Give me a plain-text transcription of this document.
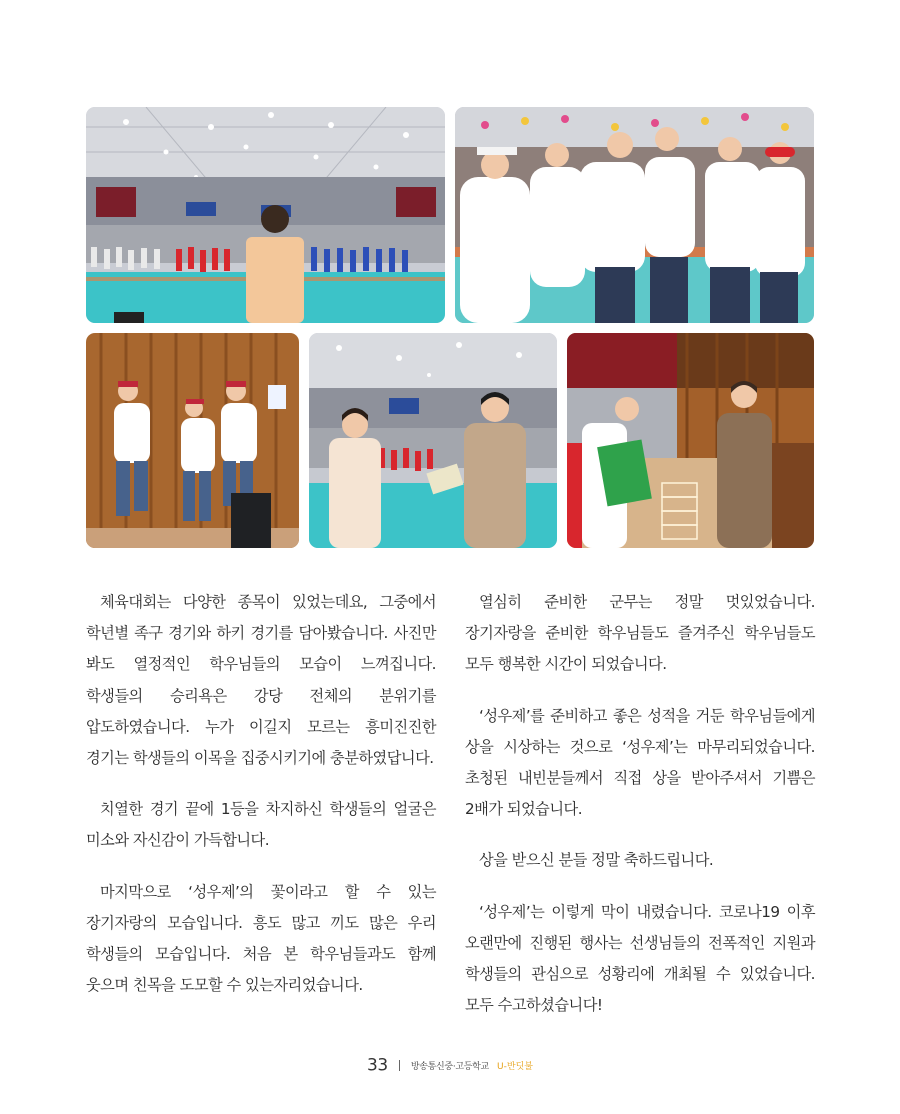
체육대회는 다양한 종목이 있었는데요, 그중에서 학년별 족구 경기와 하키 경기를 담아봤습니다. 사진만 봐도 열정적인 학우님들의 모습이 느껴집니다. 학생들의 승리욕은 강당 전체의 분위기를 압도하였습니다. 누가 이길지 모르는 흥미진진한 경기는 학생들의 이목을 집중시키기에 충분하였답니다.

치열한 경기 끝에 1등을 차지하신 학생들의 얼굴은 미소와 자신감이 가득합니다.

마지막으로 ‘성우제’의 꽃이라고 할 수 있는 장기자랑의 모습입니다. 흥도 많고 끼도 많은 우리 학생들의 모습입니다. 처음 본 학우님들과도 함께 웃으며 친목을 도모할 수 있는자리었습니다.

열심히 준비한 군무는 정말 멋있었습니다. 장기자랑을 준비한 학우님들도 즐겨주신 학우님들도 모두 행복한 시간이 되었습니다.

‘성우제’를 준비하고 좋은 성적을 거둔 학우님들에게 상을 시상하는 것으로 ‘성우제’는 마무리되었습니다. 초청된 내빈분들께서 직접 상을 받아주셔서 기쁨은 2배가 되었습니다.

상을 받으신 분들 정말 축하드립니다.

‘성우제’는 이렇게 막이 내렸습니다. 코로나19 이후 오랜만에 진행된 행사는 선생님들의 전폭적인 지원과 학생들의 관심으로 성황리에 개최될 수 있었습니다. 모두 수고하셨습니다!

33	방송통신중·고등학교 U-반딧불
